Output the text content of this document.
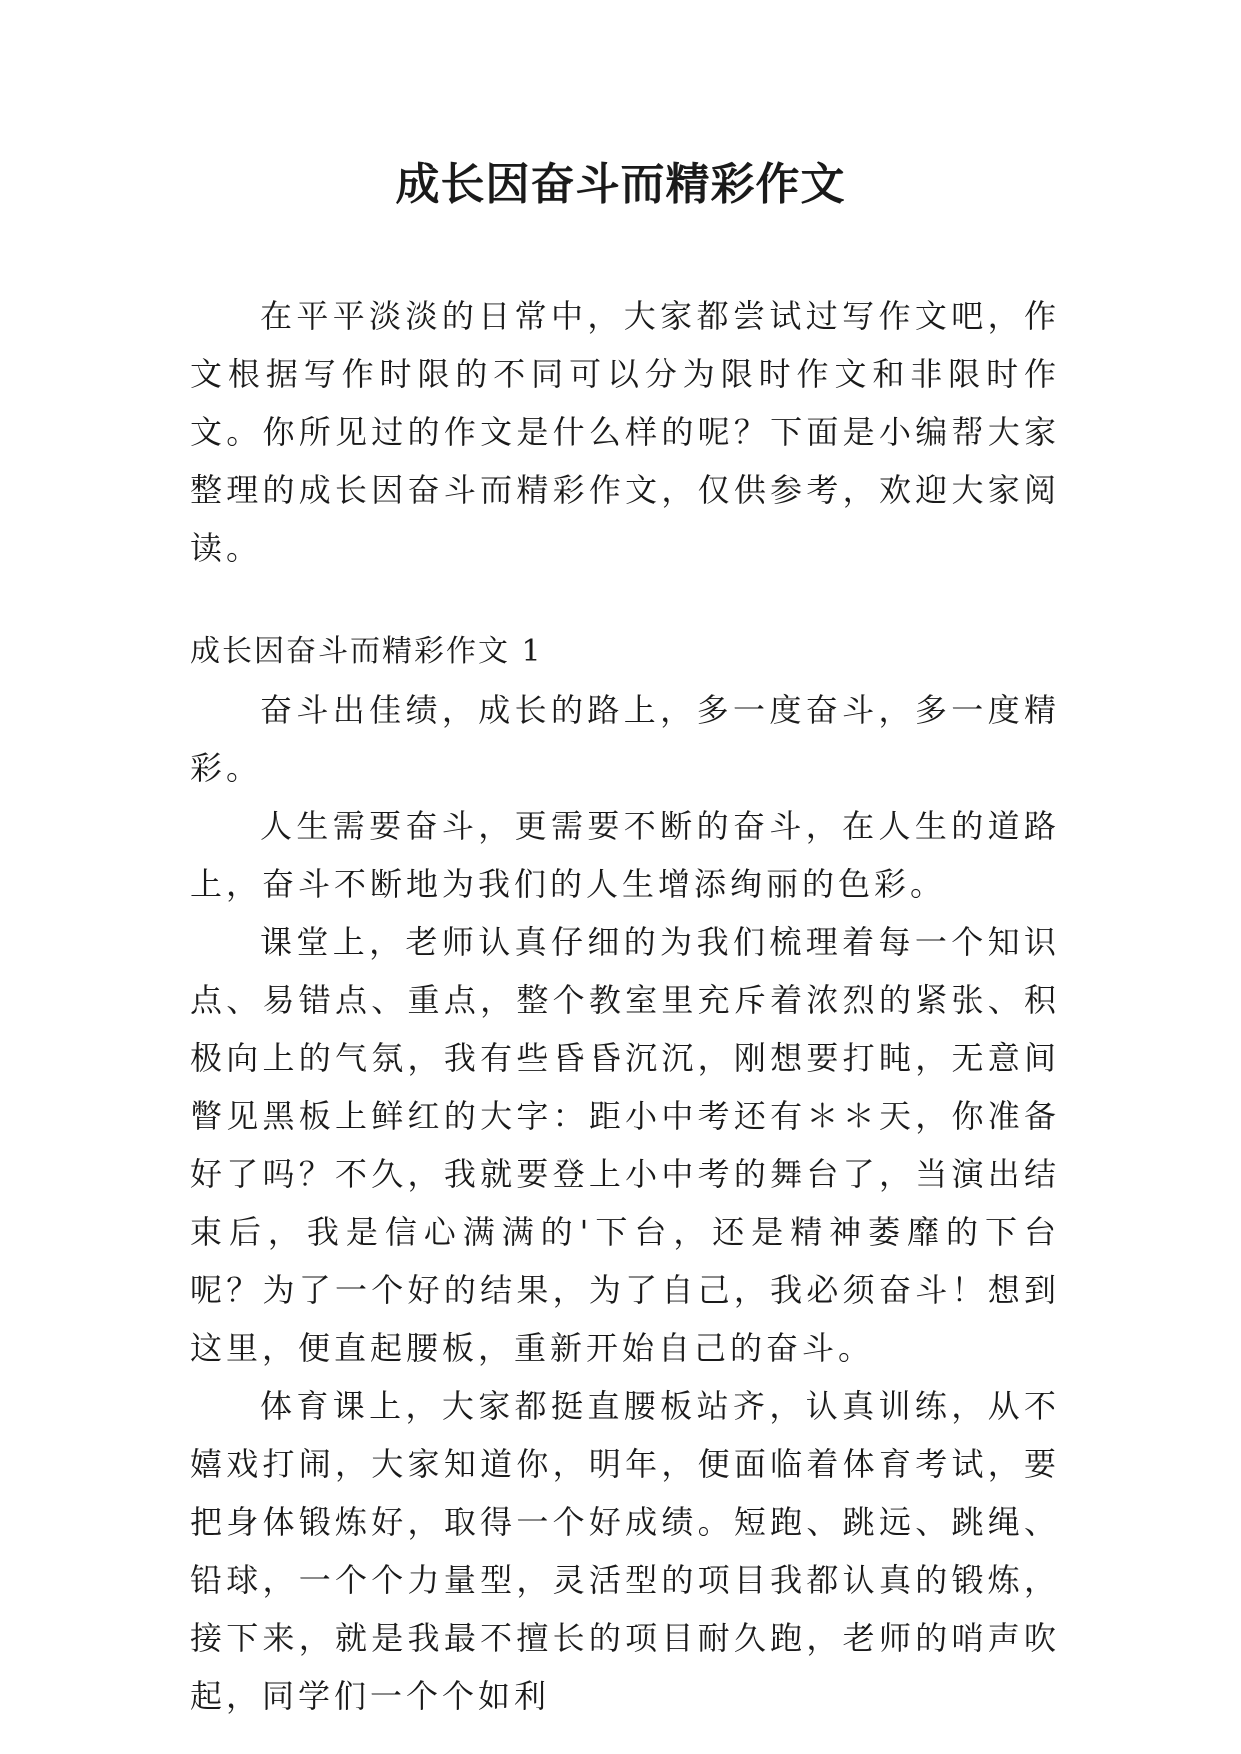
成长因奋斗而精彩作文

在平平淡淡的日常中，大家都尝试过写作文吧，作文根据写作时限的不同可以分为限时作文和非限时作文。你所见过的作文是什么样的呢？下面是小编帮大家整理的成长因奋斗而精彩作文，仅供参考，欢迎大家阅读。

成长因奋斗而精彩作文 1

奋斗出佳绩，成长的路上，多一度奋斗，多一度精彩。

人生需要奋斗，更需要不断的奋斗，在人生的道路上，奋斗不断地为我们的人生增添绚丽的色彩。

课堂上，老师认真仔细的为我们梳理着每一个知识点、易错点、重点，整个教室里充斥着浓烈的紧张、积极向上的气氛，我有些昏昏沉沉，刚想要打盹，无意间瞥见黑板上鲜红的大字：距小中考还有＊＊天，你准备好了吗？不久，我就要登上小中考的舞台了，当演出结束后，我是信心满满的'下台，还是精神萎靡的下台呢？为了一个好的结果，为了自己，我必须奋斗！想到这里，便直起腰板，重新开始自己的奋斗。

体育课上，大家都挺直腰板站齐，认真训练，从不嬉戏打闹，大家知道你，明年，便面临着体育考试，要把身体锻炼好，取得一个好成绩。短跑、跳远、跳绳、铅球，一个个力量型，灵活型的项目我都认真的锻炼，接下来，就是我最不擅长的项目耐久跑，老师的哨声吹起，同学们一个个如利
